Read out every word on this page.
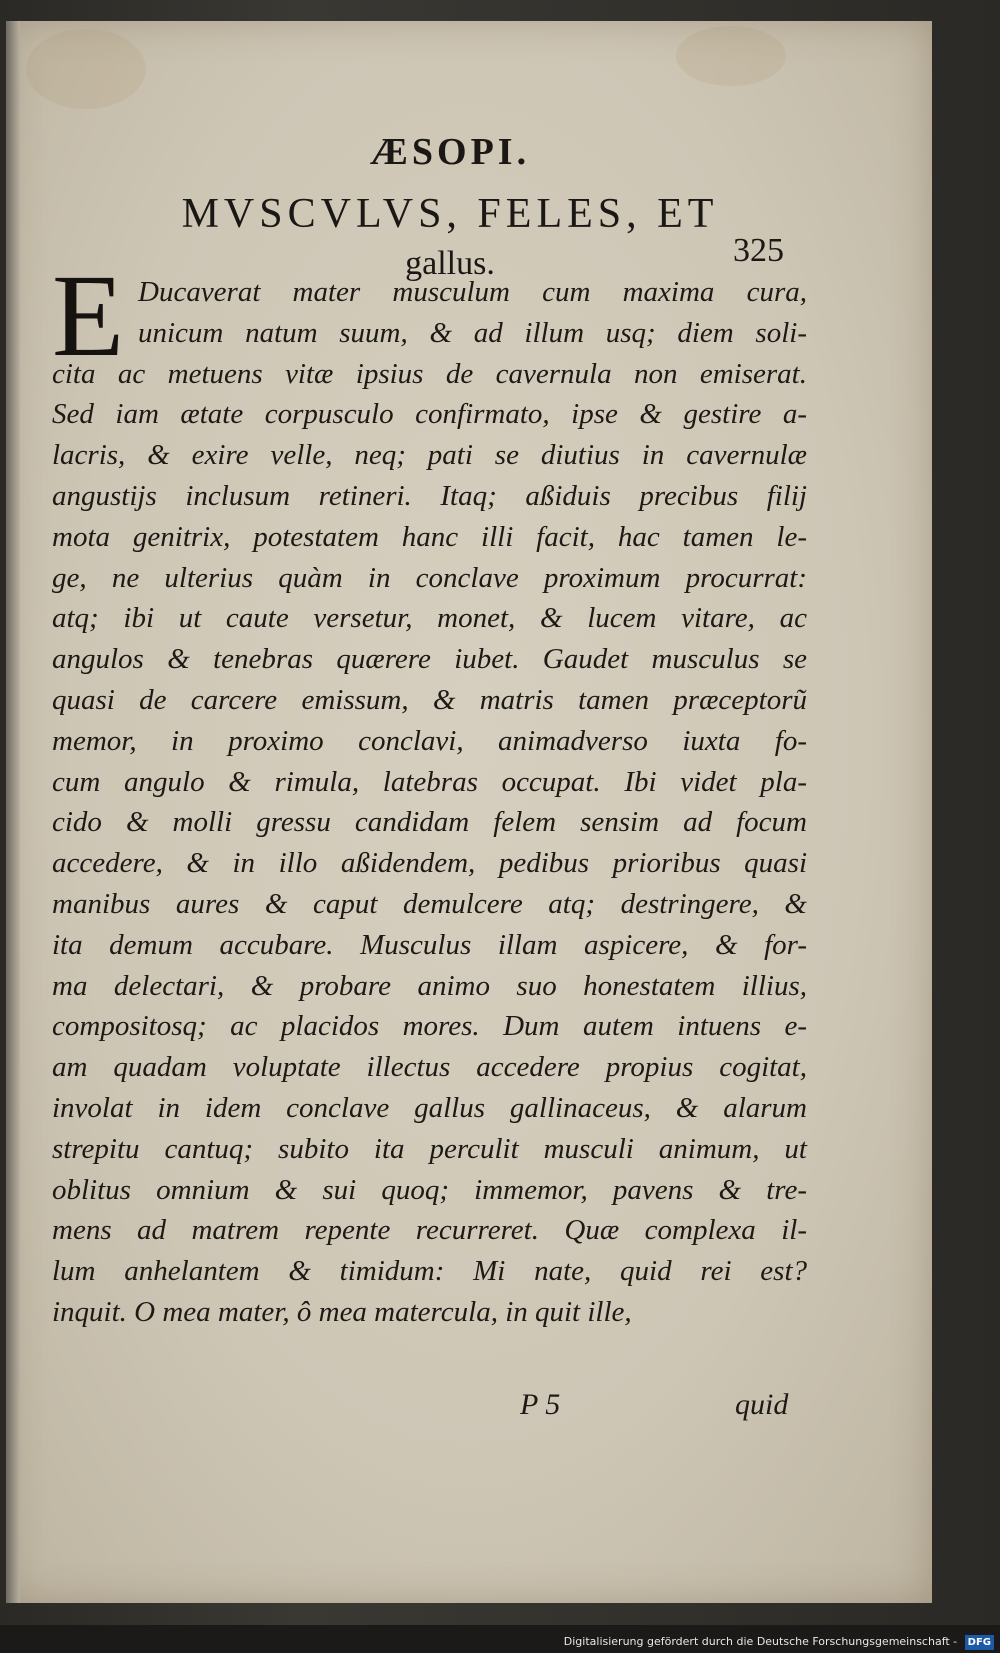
ÆSOPI.
MVSCVLVS, FELES, ET
gallus.	325
E Ducaverat mater musculum cum maxima cura,
unicum natum suum, & ad illum usq; diem soli-
cita ac metuens vitæ ipsius de cavernula non emiserat.
Sed iam ætate corpusculo confirmato, ipse & gestire a-
lacris, & exire velle, neq; pati se diutius in cavernulæ
angustijs inclusum retineri. Itaq; aßiduis precibus filij
mota genitrix, potestatem hanc illi facit, hac tamen le-
ge, ne ulterius quàm in conclave proximum procurrat:
atq; ibi ut caute versetur, monet, & lucem vitare, ac
angulos & tenebras quærere iubet. Gaudet musculus se
quasi de carcere emissum, & matris tamen præceptorũ
memor, in proximo conclavi, animadverso iuxta fo-
cum angulo & rimula, latebras occupat. Ibi videt pla-
cido & molli gressu candidam felem sensim ad focum
accedere, & in illo aßidendem, pedibus prioribus quasi
manibus aures & caput demulcere atq; destringere, &
ita demum accubare. Musculus illam aspicere, & for-
ma delectari, & probare animo suo honestatem illius,
compositosq; ac placidos mores. Dum autem intuens e-
am quadam voluptate illectus accedere propius cogitat,
involat in idem conclave gallus gallinaceus, & alarum
strepitu cantuq; subito ita perculit musculi animum, ut
oblitus omnium & sui quoq; immemor, pavens & tre-
mens ad matrem repente recurreret. Quæ complexa il-
lum anhelantem & timidum: Mi nate, quid rei est?
inquit. O mea mater, ô mea matercula, in quit ille,
P 5	quid
Digitalisierung gefördert durch die Deutsche Forschungsgemeinschaft - DFG
